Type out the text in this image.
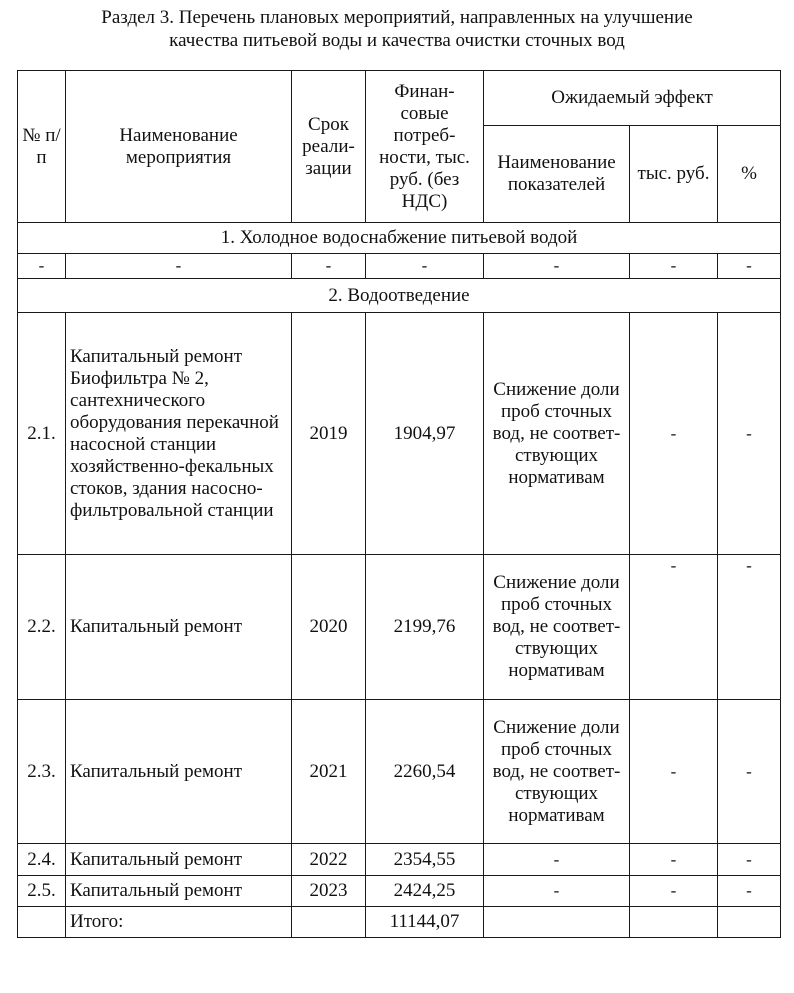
Раздел 3. Перечень плановых мероприятий, направленных на улучшение
качества питьевой воды и качества очистки сточных вод
№ п/п	Наименование мероприятия	Срок реали- зации	Финан- совые потреб- ности, тыс. руб. (без НДС)	Ожидаемый эффект		
				Наименование показателей	тыс. руб.	%
1. Холодное водоснабжение питьевой водой						
-	-	-	-	-	-	-
2. Водоотведение						
2.1.	Капитальный ремонт Биофильтра № 2, сантехнического оборудования перекачной насосной станции хозяйственно-фекальных стоков, здания насосно-фильтровальной станции	2019	1904,97	Снижение доли проб сточных вод, не соответ- ствующих нормативам	-	-
2.2.	Капитальный ремонт	2020	2199,76	Снижение доли проб сточных вод, не соответ- ствующих нормативам	-	-
2.3.	Капитальный ремонт	2021	2260,54	Снижение доли проб сточных вод, не соответ- ствующих нормативам	-	-
2.4.	Капитальный ремонт	2022	2354,55	-	-	-
2.5.	Капитальный ремонт	2023	2424,25	-	-	-
	Итого:		11144,07			
